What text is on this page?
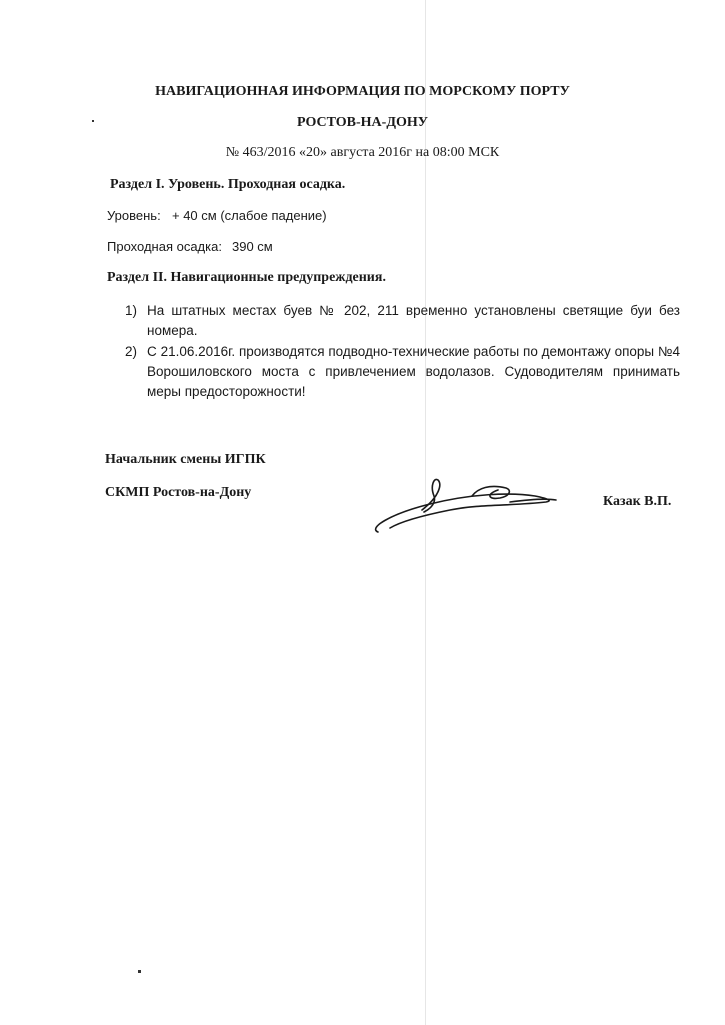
НАВИГАЦИОННАЯ ИНФОРМАЦИЯ ПО МОРСКОМУ ПОРТУ
РОСТОВ-НА-ДОНУ
№ 463/2016 «20» августа 2016г на 08:00 МСК
Раздел I. Уровень. Проходная осадка.
Уровень: + 40 см (слабое падение)
Проходная осадка: 390 см
Раздел II. Навигационные предупреждения.
1) На штатных местах буев № 202, 211 временно установлены светящие буи без номера.
2) С 21.06.2016г. производятся подводно-технические работы по демонтажу опоры №4 Ворошиловского моста с привлечением водолазов. Судоводителям принимать меры предосторожности!
Начальник смены ИГПК
СКМП Ростов-на-Дону
Казак В.П.
